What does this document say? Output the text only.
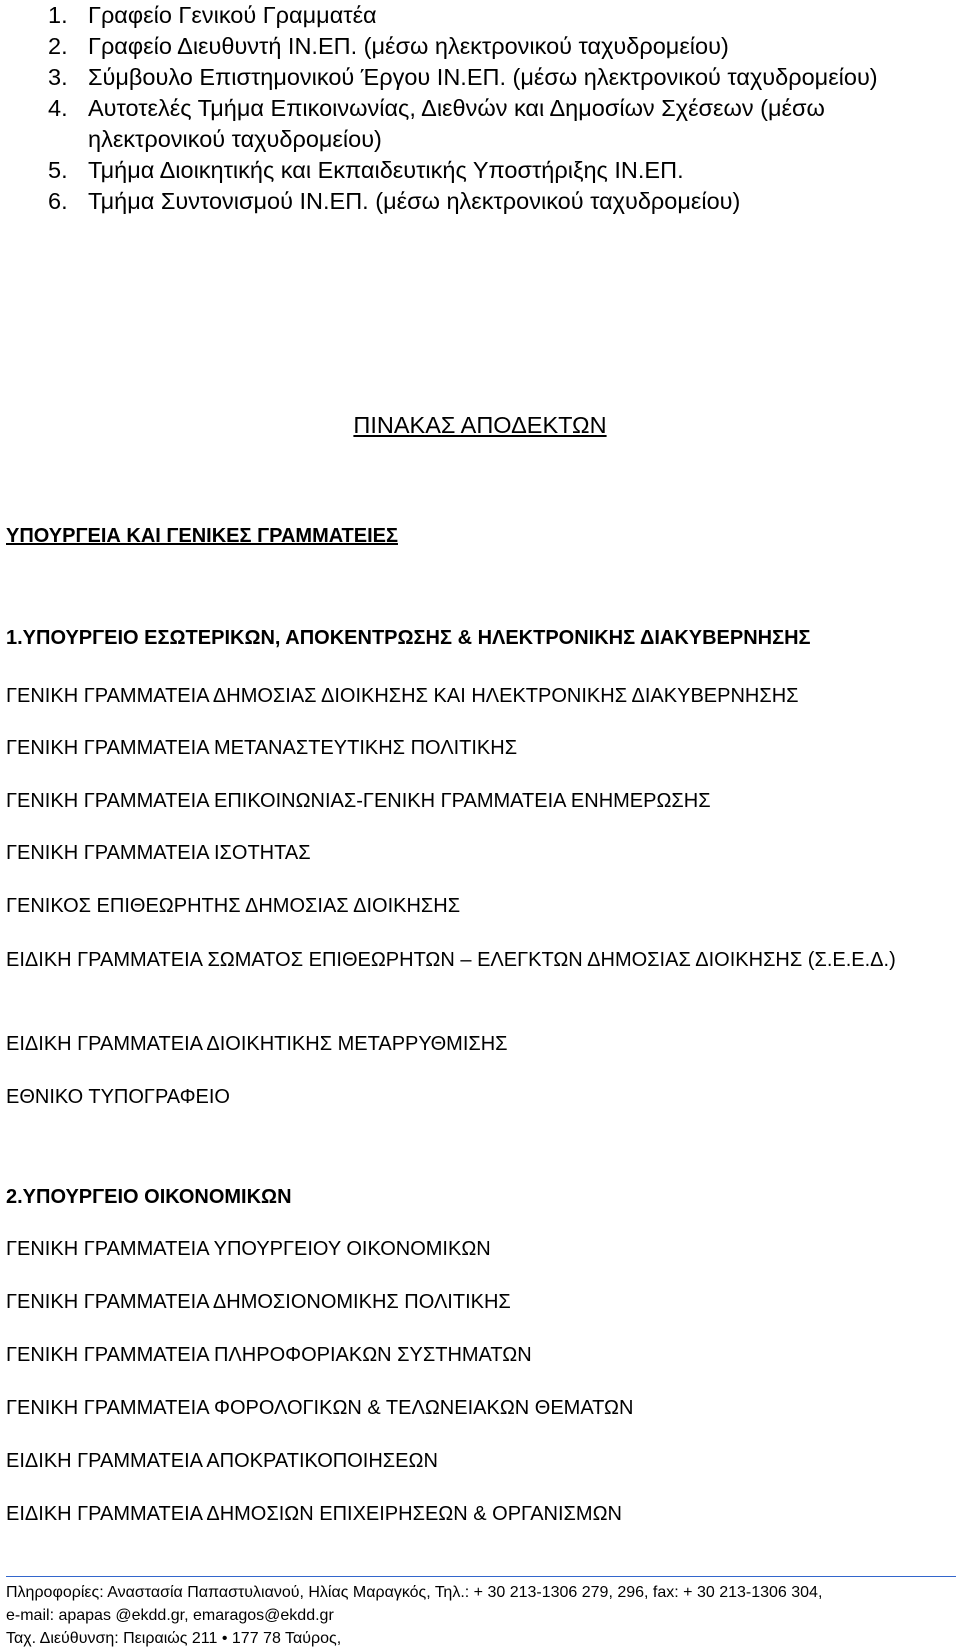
1. Γραφείο Γενικού Γραμματέα
2. Γραφείο Διευθυντή ΙΝ.ΕΠ. (μέσω ηλεκτρονικού ταχυδρομείου)
3. Σύμβουλο Επιστημονικού Έργου ΙΝ.ΕΠ. (μέσω ηλεκτρονικού ταχυδρομείου)
4. Αυτοτελές Τμήμα Επικοινωνίας, Διεθνών και Δημοσίων Σχέσεων (μέσω ηλεκτρονικού ταχυδρομείου)
5. Τμήμα Διοικητικής και Εκπαιδευτικής Υποστήριξης ΙΝ.ΕΠ.
6. Τμήμα Συντονισμού ΙΝ.ΕΠ. (μέσω ηλεκτρονικού ταχυδρομείου)
ΠΙΝΑΚΑΣ ΑΠΟΔΕΚΤΩΝ
ΥΠΟΥΡΓΕΙΑ ΚΑΙ ΓΕΝΙΚΕΣ ΓΡΑΜΜΑΤΕΙΕΣ
1.ΥΠΟΥΡΓΕΙΟ ΕΣΩΤΕΡΙΚΩΝ, ΑΠΟΚΕΝΤΡΩΣΗΣ & ΗΛΕΚΤΡΟΝΙΚΗΣ ΔΙΑΚΥΒΕΡΝΗΣΗΣ
ΓΕΝΙΚΗ ΓΡΑΜΜΑΤΕΙΑ ΔΗΜΟΣΙΑΣ ΔΙΟΙΚΗΣΗΣ ΚΑΙ ΗΛΕΚΤΡΟΝΙΚΗΣ ΔΙΑΚΥΒΕΡΝΗΣΗΣ
ΓΕΝΙΚΗ ΓΡΑΜΜΑΤΕΙΑ ΜΕΤΑΝΑΣΤΕΥΤΙΚΗΣ ΠΟΛΙΤΙΚΗΣ
ΓΕΝΙΚΗ ΓΡΑΜΜΑΤΕΙΑ ΕΠΙΚΟΙΝΩΝΙΑΣ-ΓΕΝΙΚΗ ΓΡΑΜΜΑΤΕΙΑ ΕΝΗΜΕΡΩΣΗΣ
ΓΕΝΙΚΗ ΓΡΑΜΜΑΤΕΙΑ ΙΣΟΤΗΤΑΣ
ΓΕΝΙΚΟΣ ΕΠΙΘΕΩΡΗΤΗΣ ΔΗΜΟΣΙΑΣ ΔΙΟΙΚΗΣΗΣ
ΕΙΔΙΚΗ ΓΡΑΜΜΑΤΕΙΑ ΣΩΜΑΤΟΣ ΕΠΙΘΕΩΡΗΤΩΝ – ΕΛΕΓΚΤΩΝ ΔΗΜΟΣΙΑΣ ΔΙΟΙΚΗΣΗΣ (Σ.Ε.Ε.Δ.)
ΕΙΔΙΚΗ ΓΡΑΜΜΑΤΕΙΑ ΔΙΟΙΚΗΤΙΚΗΣ ΜΕΤΑΡΡΥΘΜΙΣΗΣ
ΕΘΝΙΚΟ ΤΥΠΟΓΡΑΦΕΙΟ
2.ΥΠΟΥΡΓΕΙΟ ΟΙΚΟΝΟΜΙΚΩΝ
ΓΕΝΙΚΗ ΓΡΑΜΜΑΤΕΙΑ ΥΠΟΥΡΓΕΙΟΥ ΟΙΚΟΝΟΜΙΚΩΝ
ΓΕΝΙΚΗ ΓΡΑΜΜΑΤΕΙΑ ΔΗΜΟΣΙΟΝΟΜΙΚΗΣ ΠΟΛΙΤΙΚΗΣ
ΓΕΝΙΚΗ ΓΡΑΜΜΑΤΕΙΑ ΠΛΗΡΟΦΟΡΙΑΚΩΝ ΣΥΣΤΗΜΑΤΩΝ
ΓΕΝΙΚΗ ΓΡΑΜΜΑΤΕΙΑ ΦΟΡΟΛΟΓΙΚΩΝ & ΤΕΛΩΝΕΙΑΚΩΝ ΘΕΜΑΤΩΝ
ΕΙΔΙΚΗ ΓΡΑΜΜΑΤΕΙΑ ΑΠΟΚΡΑΤΙΚΟΠΟΙΗΣΕΩΝ
ΕΙΔΙΚΗ ΓΡΑΜΜΑΤΕΙΑ ΔΗΜΟΣΙΩΝ ΕΠΙΧΕΙΡΗΣΕΩΝ & ΟΡΓΑΝΙΣΜΩΝ
Πληροφορίες: Αναστασία Παπαστυλιανού, Ηλίας Μαραγκός, Τηλ.: + 30 213-1306 279, 296, fax: + 30 213-1306 304,
e-mail: apapas @ekdd.gr, emaragos@ekdd.gr
Ταχ. Διεύθυνση: Πειραιώς 211 • 177 78 Ταύρος,
